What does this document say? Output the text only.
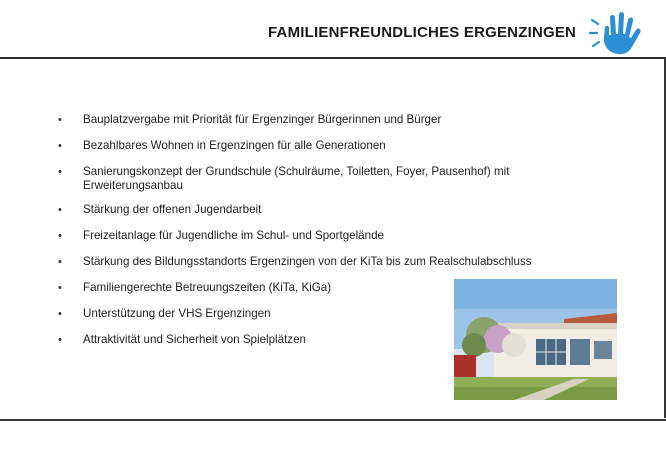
FAMILIENFREUNDLICHES ERGENZINGEN
• Bauplatzvergabe mit Priorität für Ergenzinger Bürgerinnen und Bürger
• Bezahlbares Wohnen in Ergenzingen für alle Generationen
• Sanierungskonzept der Grundschule (Schulräume, Toiletten, Foyer, Pausenhof) mit Erweiterungsanbau
• Stärkung der offenen Jugendarbeit
• Freizeitanlage für Jugendliche im Schul- und Sportgelände
• Stärkung des Bildungsstandorts Ergenzingen von der KiTa bis zum Realschulabschluss
• Familiengerechte Betreuungszeiten (KiTa, KiGa)
• Unterstützung der VHS Ergenzingen
• Attraktivität und Sicherheit von Spielplätzen
